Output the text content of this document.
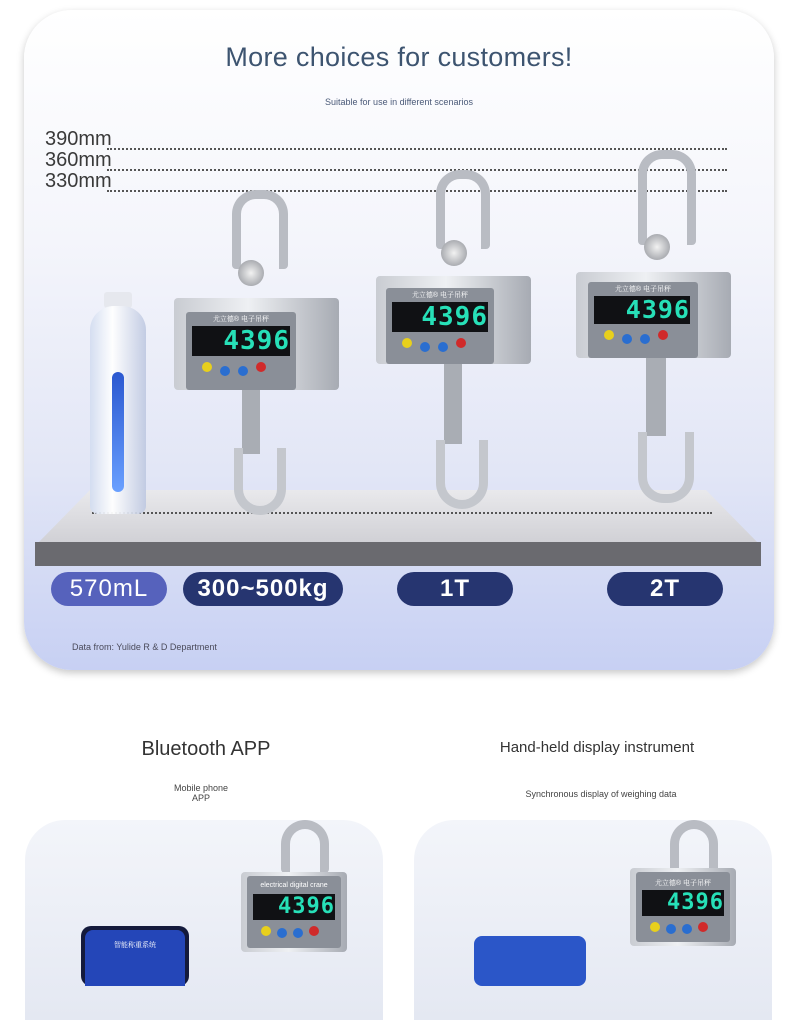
More choices for customers!
Suitable for use in different scenarios
390mm
360mm
330mm
尤立德® 电子吊秤
4396
尤立德® 电子吊秤
4396
尤立德® 电子吊秤
4396
570mL	300~500kg	1T	2T
Data from: Yulide R & D Department
Bluetooth APP
Mobile phone
APP
Hand-held display instrument
Synchronous display of weighing data
智能称重系统
electrical digital crane
4396
尤立德® 电子吊秤
4396
